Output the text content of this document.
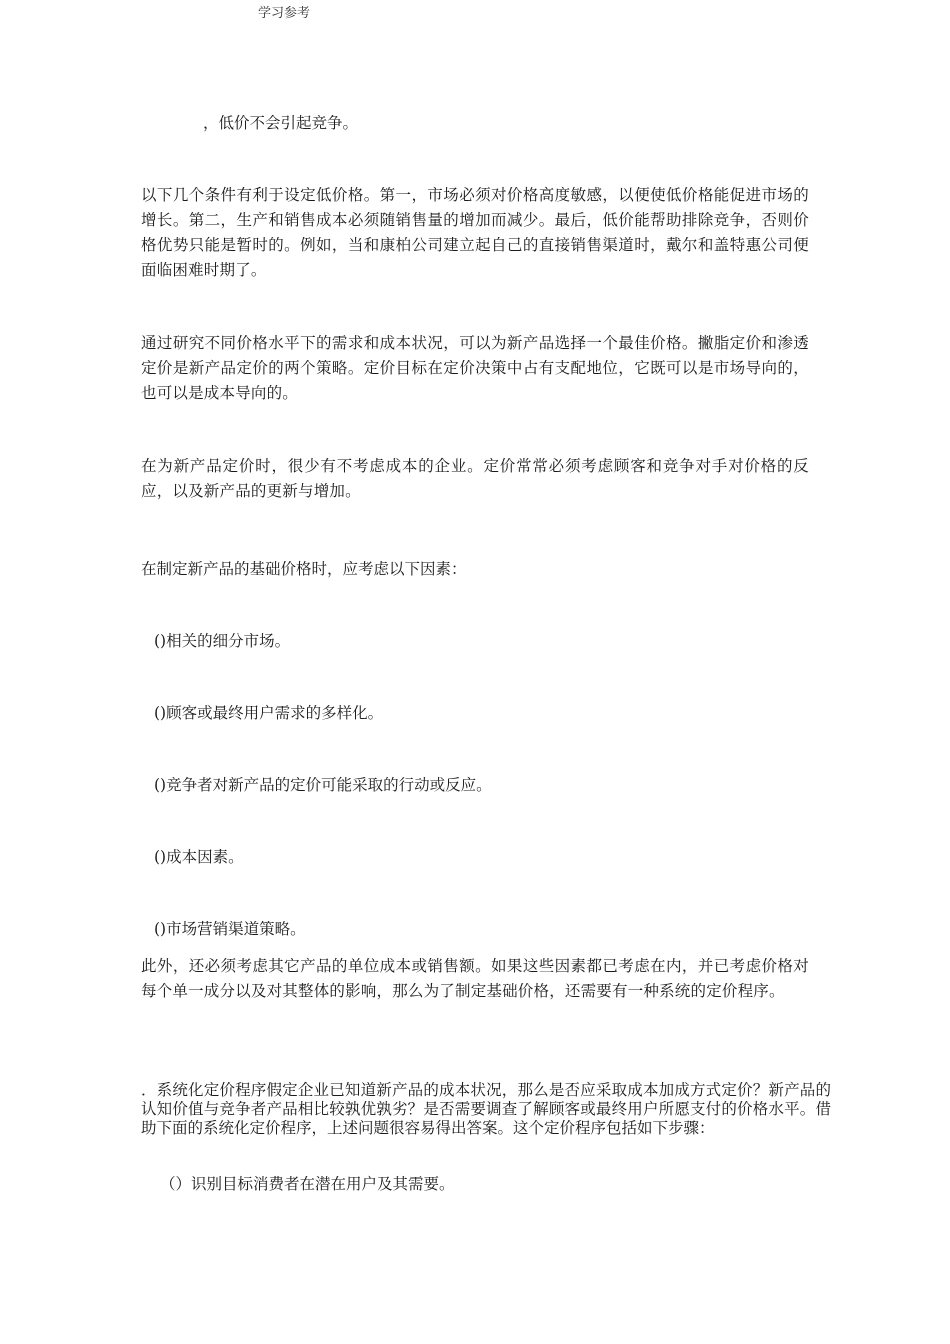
学习参考
，低价不会引起竞争。
以下几个条件有利于设定低价格。第一，市场必须对价格高度敏感，以便使低价格能促进市场的增长。第二，生产和销售成本必须随销售量的增加而减少。最后，低价能帮助排除竞争，否则价格优势只能是暂时的。例如，当和康柏公司建立起自己的直接销售渠道时，戴尔和盖特惠公司便面临困难时期了。
通过研究不同价格水平下的需求和成本状况，可以为新产品选择一个最佳价格。撇脂定价和渗透定价是新产品定价的两个策略。定价目标在定价决策中占有支配地位，它既可以是市场导向的，也可以是成本导向的。
在为新产品定价时，很少有不考虑成本的企业。定价常常必须考虑顾客和竞争对手对价格的反应，以及新产品的更新与增加。
在制定新产品的基础价格时，应考虑以下因素：
()相关的细分市场。
()顾客或最终用户需求的多样化。
()竞争者对新产品的定价可能采取的行动或反应。
()成本因素。
()市场营销渠道策略。
此外，还必须考虑其它产品的单位成本或销售额。如果这些因素都已考虑在内，并已考虑价格对每个单一成分以及对其整体的影响，那么为了制定基础价格，还需要有一种系统的定价程序。
．系统化定价程序假定企业已知道新产品的成本状况，那么是否应采取成本加成方式定价？新产品的认知价值与竞争者产品相比较孰优孰劣？是否需要调查了解顾客或最终用户所愿支付的价格水平。借助下面的系统化定价程序，上述问题很容易得出答案。这个定价程序包括如下步骤：
（）识别目标消费者在潜在用户及其需要。
